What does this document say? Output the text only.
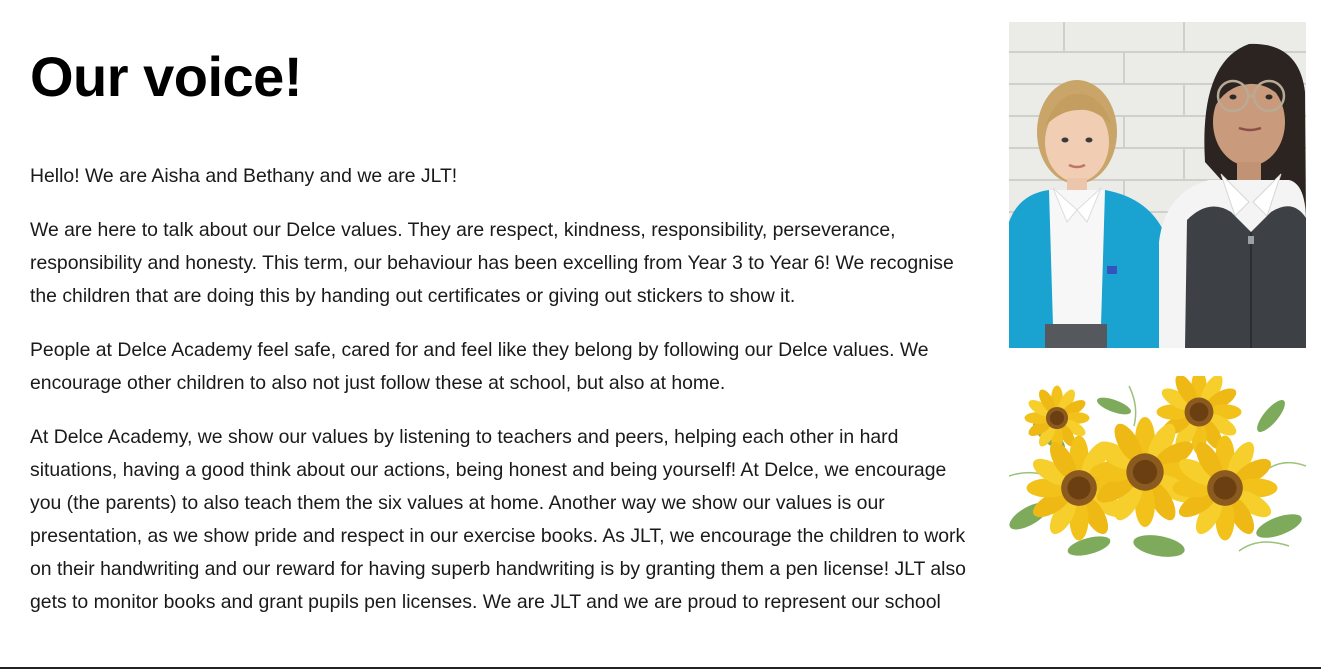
Our voice!

Hello! We are Aisha and Bethany and we are JLT!

We are here to talk about our Delce values. They are respect, kindness, responsibility, perseverance, responsibility and honesty. This term, our behaviour has been excelling from Year 3 to Year 6! We recognise the children that are doing this by handing out certificates or giving out stickers to show it.

People at Delce Academy feel safe, cared for and feel like they belong by following our Delce values. We encourage other children to also not just follow these at school, but also at home.

At Delce Academy, we show our values by listening to teachers and peers, helping each other in hard situations, having a good think about our actions, being honest and being yourself! At Delce, we encourage you (the parents) to also teach them the six values at home. Another way we show our values is our presentation, as we show pride and respect in our exercise books. As JLT, we encourage the children to work on their handwriting and our reward for having superb handwriting is by granting them a pen license! JLT also gets to monitor books and grant pupils pen licenses. We are JLT and we are proud to represent our school
